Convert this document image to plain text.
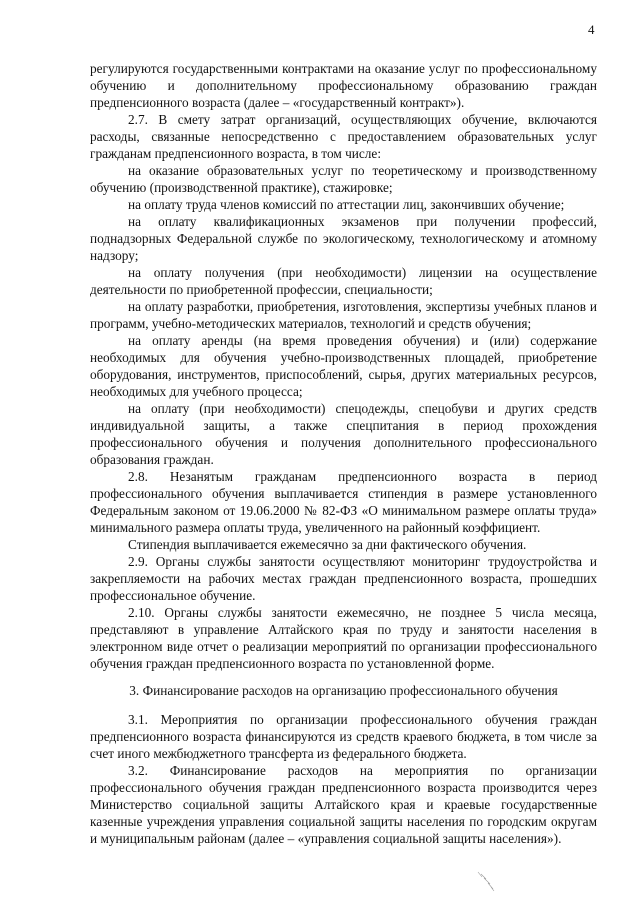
4

регулируются государственными контрактами на оказание услуг по профессиональному обучению и дополнительному профессиональному образованию граждан предпенсионного возраста (далее – «государственный контракт»).

2.7. В смету затрат организаций, осуществляющих обучение, включаются расходы, связанные непосредственно с предоставлением образовательных услуг гражданам предпенсионного возраста, в том числе:

на оказание образовательных услуг по теоретическому и производственному обучению (производственной практике), стажировке;

на оплату труда членов комиссий по аттестации лиц, закончивших обучение;

на оплату квалификационных экзаменов при получении профессий, поднадзорных Федеральной службе по экологическому, технологическому и атомному надзору;

на оплату получения (при необходимости) лицензии на осуществление деятельности по приобретенной профессии, специальности;

на оплату разработки, приобретения, изготовления, экспертизы учебных планов и программ, учебно-методических материалов, технологий и средств обучения;

на оплату аренды (на время проведения обучения) и (или) содержание необходимых для обучения учебно-производственных площадей, приобретение оборудования, инструментов, приспособлений, сырья, других материальных ресурсов, необходимых для учебного процесса;

на оплату (при необходимости) спецодежды, спецобуви и других средств индивидуальной защиты, а также спецпитания в период прохождения профессионального обучения и получения дополнительного профессионального образования граждан.

2.8. Незанятым гражданам предпенсионного возраста в период профессионального обучения выплачивается стипендия в размере установленного Федеральным законом от 19.06.2000 № 82-ФЗ «О минимальном размере оплаты труда» минимального размера оплаты труда, увеличенного на районный коэффициент.

Стипендия выплачивается ежемесячно за дни фактического обучения.

2.9. Органы службы занятости осуществляют мониторинг трудоустройства и закрепляемости на рабочих местах граждан предпенсионного возраста, прошедших профессиональное обучение.

2.10. Органы службы занятости ежемесячно, не позднее 5 числа месяца, представляют в управление Алтайского края по труду и занятости населения в электронном виде отчет о реализации мероприятий по организации профессионального обучения граждан предпенсионного возраста по установленной форме.

3. Финансирование расходов на организацию профессионального обучения

3.1. Мероприятия по организации профессионального обучения граждан предпенсионного возраста финансируются из средств краевого бюджета, в том числе за счет иного межбюджетного трансферта из федерального бюджета.

3.2. Финансирование расходов на мероприятия по организации профессионального обучения граждан предпенсионного возраста производится через Министерство социальной защиты Алтайского края и краевые государственные казенные учреждения управления социальной защиты населения по городским округам и муниципальным районам (далее – «управления социальной защиты населения»).
